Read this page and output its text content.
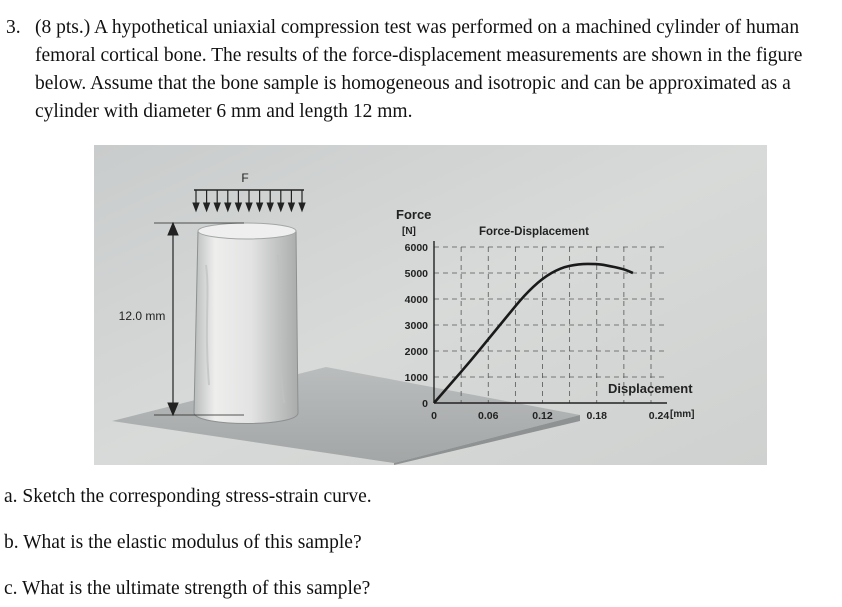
3. (8 pts.) A hypothetical uniaxial compression test was performed on a machined cylinder of human femoral cortical bone. The results of the force-displacement measurements are shown in the figure below. Assume that the bone sample is homogeneous and isotropic and can be approximated as a cylinder with diameter 6 mm and length 12 mm.
F
12.0 mm
0	0.06	0.12	0.18	0.24
0
1000
2000
3000
4000
5000
6000
Force-Displacement
Force
[N]
Displacement
[mm]
a. Sketch the corresponding stress-strain curve.
b. What is the elastic modulus of this sample?
c. What is the ultimate strength of this sample?
